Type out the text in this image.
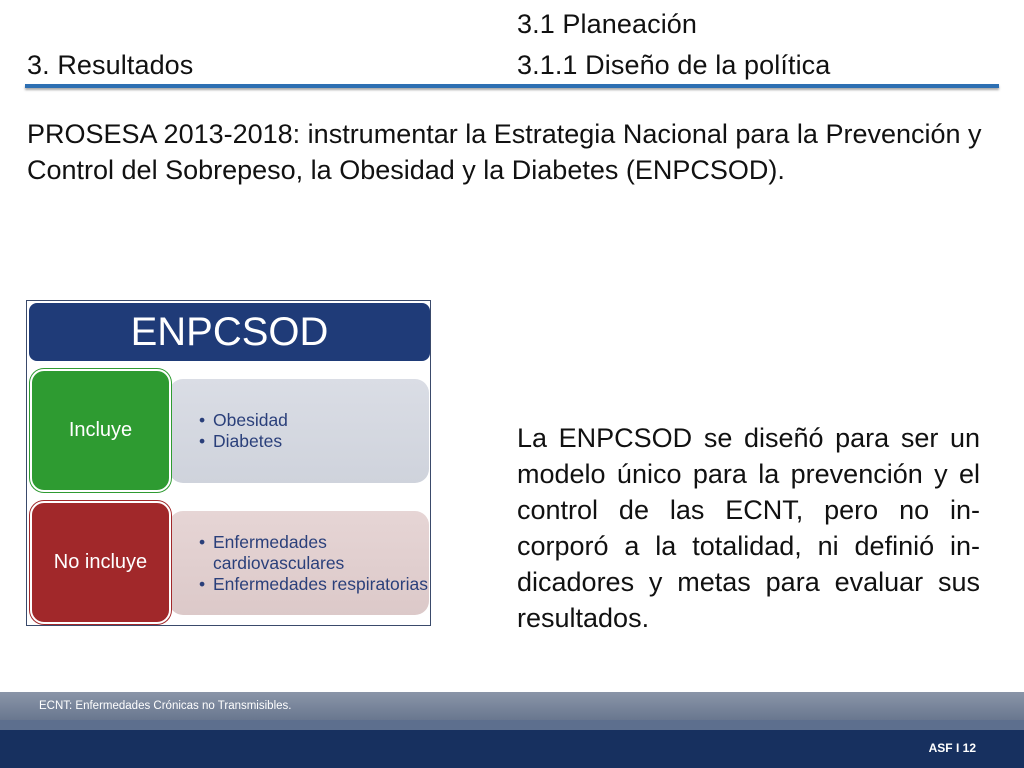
3.1 Planeación
3. Resultados	3.1.1 Diseño de la política

PROSESA 2013-2018: instrumentar la Estrategia Nacional para la Prevención y Control del Sobrepeso, la Obesidad y la Diabetes (ENPCSOD).

ENPCSOD
• Obesidad
• Diabetes
Incluye
• Enfermedades cardiovasculares
• Enfermedades respiratorias
No incluye

La ENPCSOD se diseñó para ser un modelo único para la prevención y el control de las ECNT, pero no in-corporó a la totalidad, ni definió in-dicadores y metas para evaluar sus resultados.

ECNT: Enfermedades Crónicas no Transmisibles.
ASF I 12
